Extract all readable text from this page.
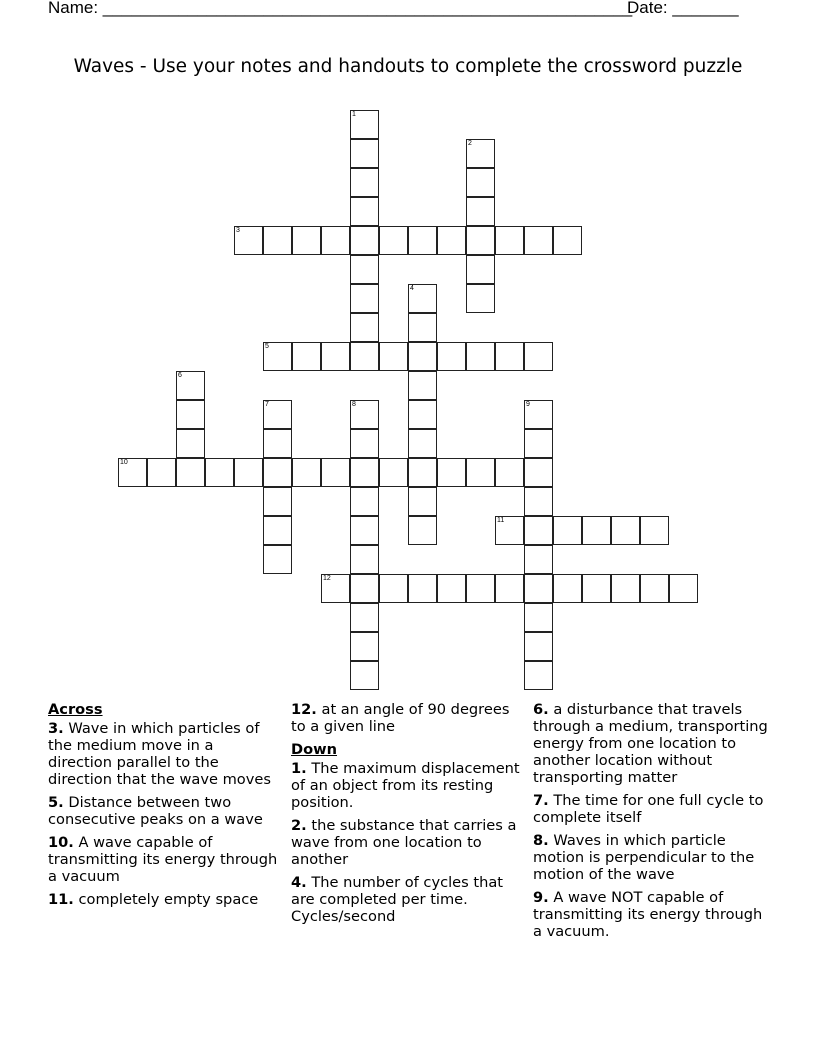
Name: ________________________________________________________
Date: _______
Waves - Use your notes and handouts to complete the crossword puzzle
1
2
3
4
5
6
7	8	9
10
11
12
Across
3. Wave in which particles of the medium move in a direction parallel to the direction that the wave moves
5. Distance between two consecutive peaks on a wave
10. A wave capable of transmitting its energy through a vacuum
11. completely empty space
12. at an angle of 90 degrees to a given line
Down
1. The maximum displacement of an object from its resting position.
2. the substance that carries a wave from one location to another
4. The number of cycles that are completed per time. Cycles/second
6. a disturbance that travels through a medium, transporting energy from one location to another location without transporting matter
7. The time for one full cycle to complete itself
8. Waves in which particle motion is perpendicular to the motion of the wave
9. A wave NOT capable of transmitting its energy through a vacuum.
